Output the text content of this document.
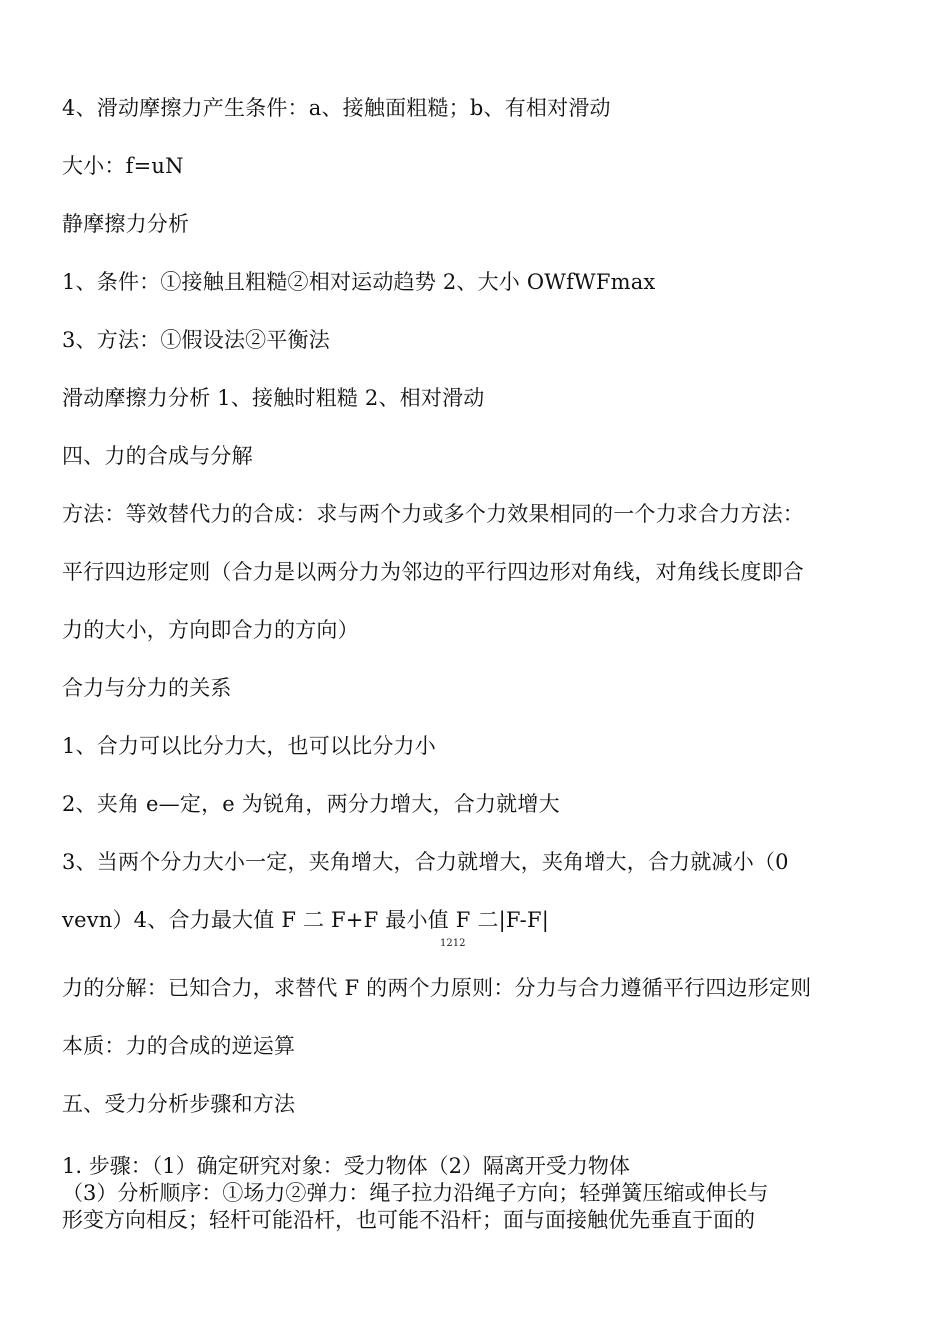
4、滑动摩擦力产生条件：a、接触面粗糙；b、有相对滑动
大小：f=uN
静摩擦力分析
1、条件：①接触且粗糙②相对运动趋势 2、大小 OWfWFmax
3、方法：①假设法②平衡法
滑动摩擦力分析 1、接触时粗糙 2、相对滑动
四、力的合成与分解
方法：等效替代力的合成：求与两个力或多个力效果相同的一个力求合力方法：
平行四边形定则（合力是以两分力为邻边的平行四边形对角线，对角线长度即合
力的大小，方向即合力的方向）
合力与分力的关系
1、合力可以比分力大，也可以比分力小
2、夹角 e—定，e 为锐角，两分力增大，合力就增大
3、当两个分力大小一定，夹角增大，合力就增大，夹角增大，合力就减小（0
vevn）4、合力最大值 F 二 F+F 最小值 F 二|F-F|
1212
力的分解：已知合力，求替代 F 的两个力原则：分力与合力遵循平行四边形定则
本质：力的合成的逆运算
五、受力分析步骤和方法
1. 步骤：（1）确定研究对象：受力物体（2）隔离开受力物体
（3）分析顺序：①场力②弹力：绳子拉力沿绳子方向；轻弹簧压缩或伸长与
形变方向相反；轻杆可能沿杆，也可能不沿杆；面与面接触优先垂直于面的
